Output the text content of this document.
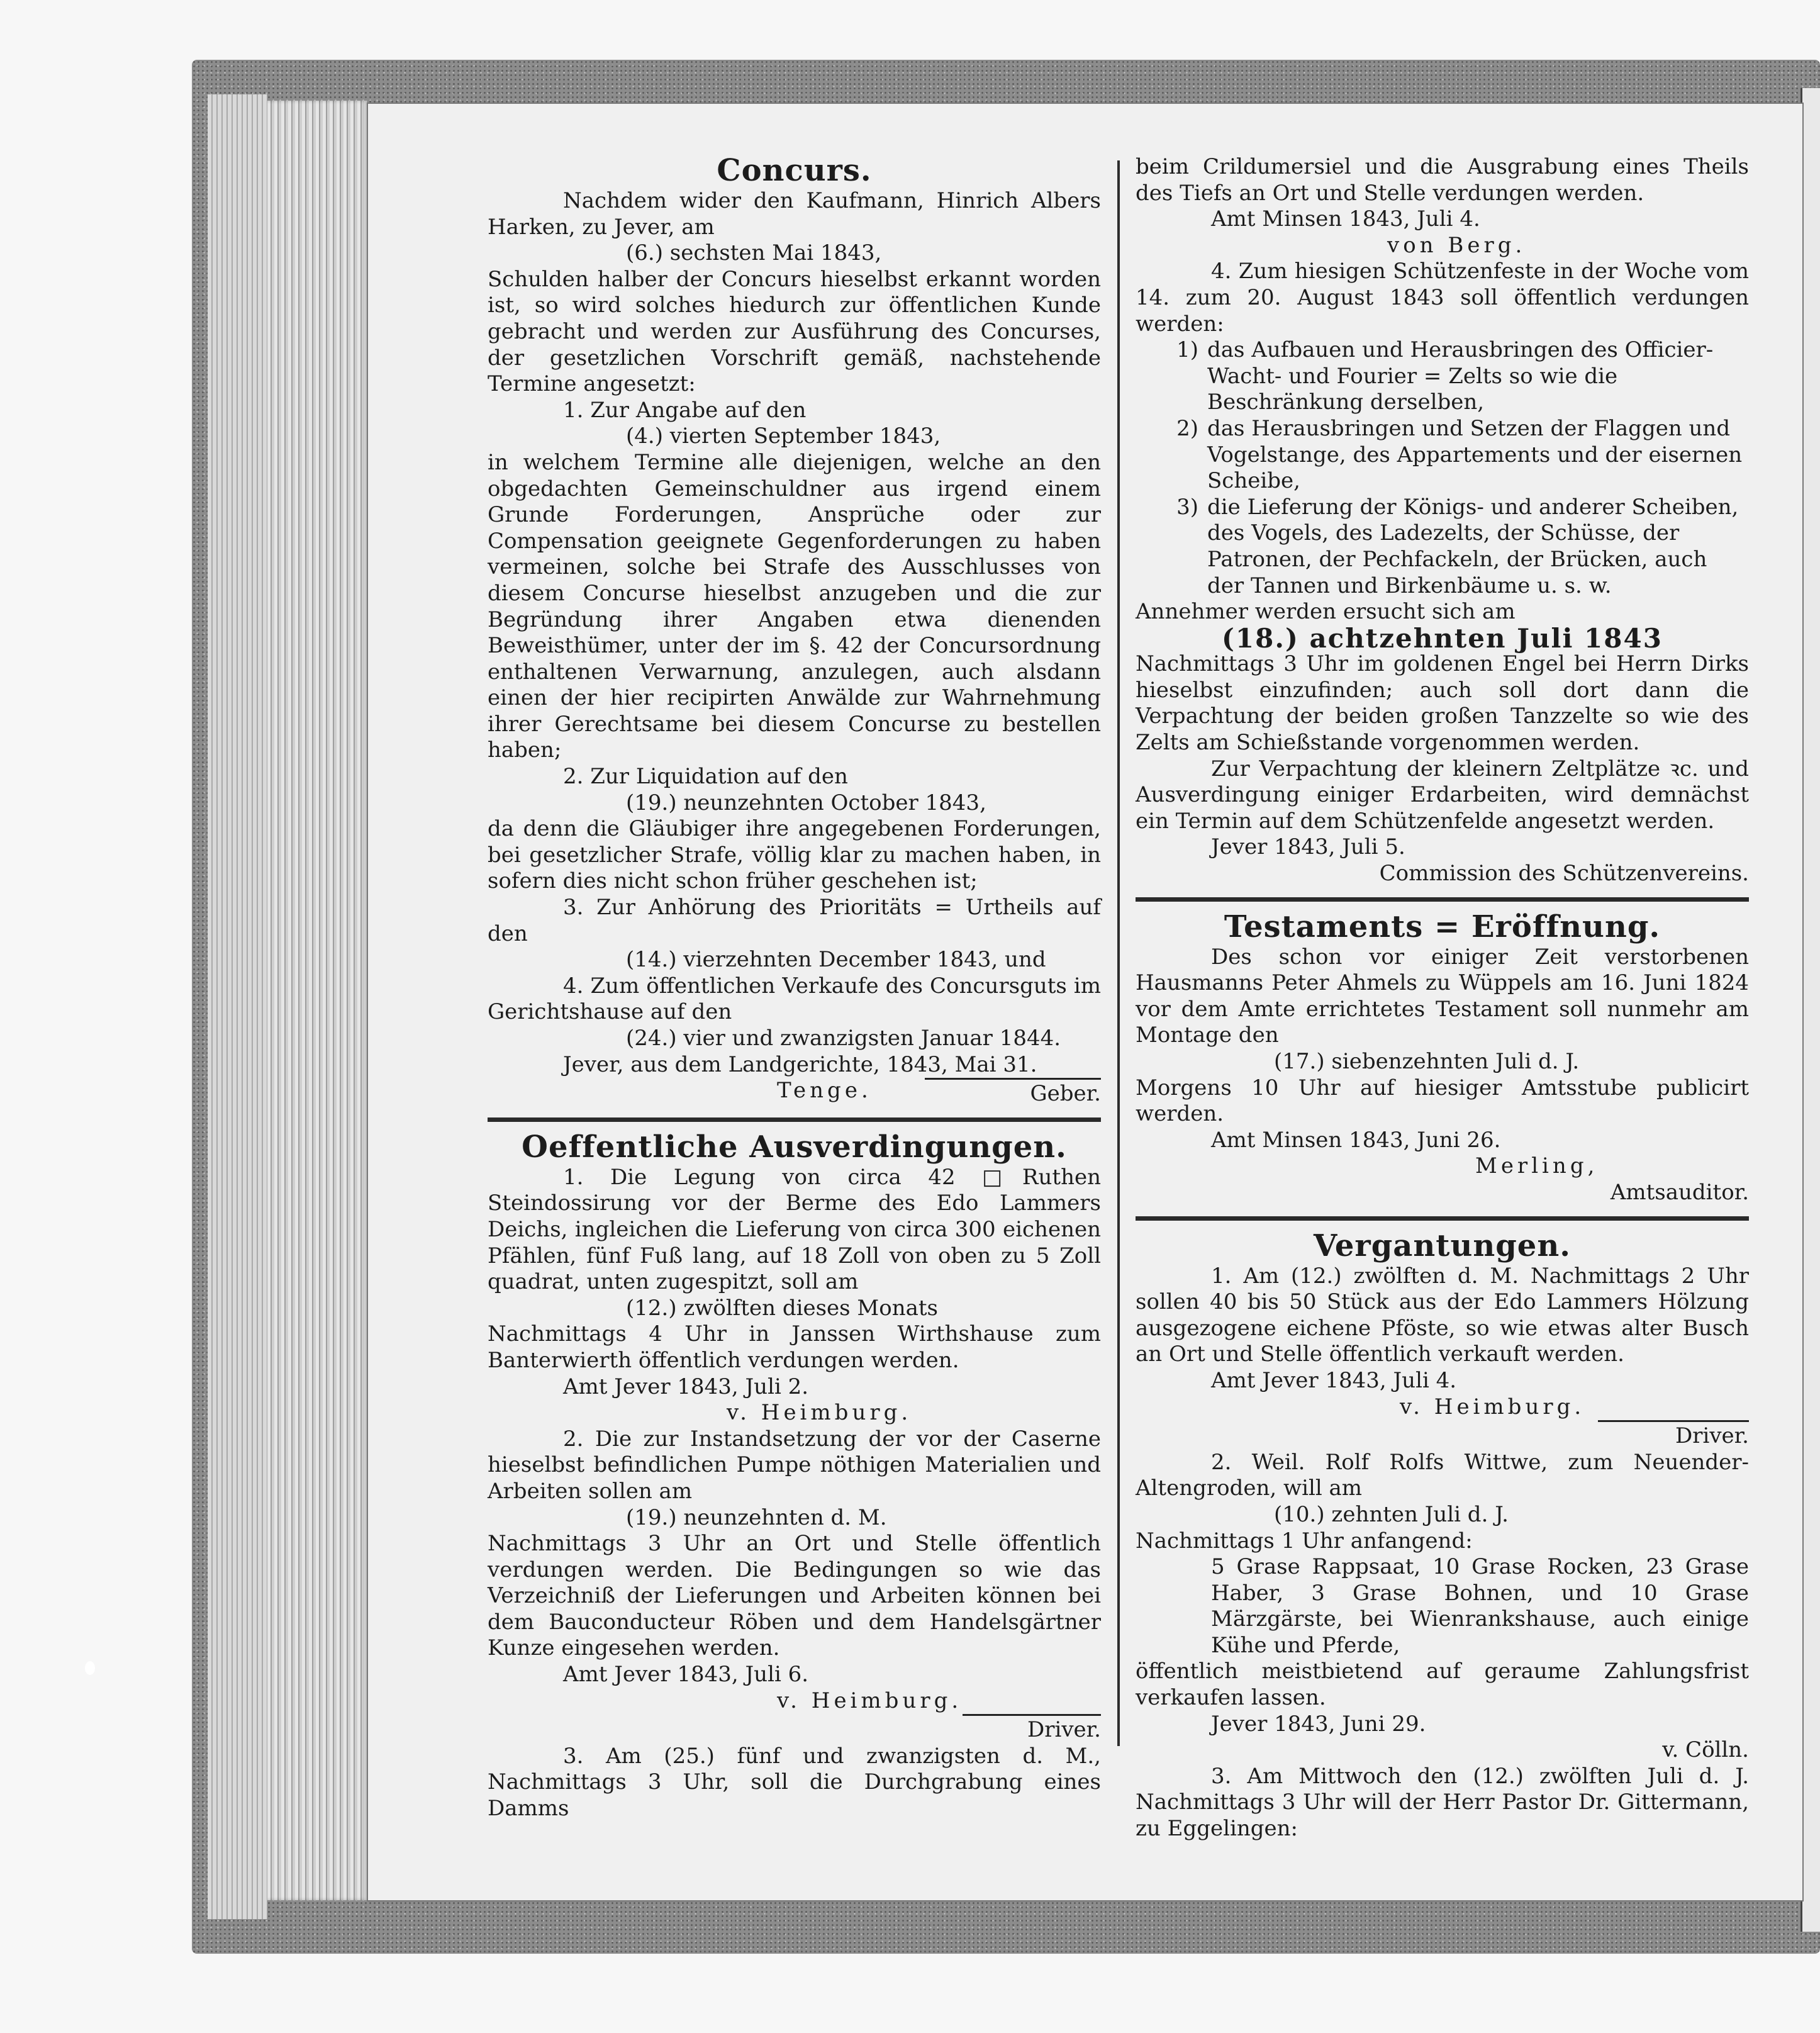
Concurs.

Nachdem wider den Kaufmann, Hinrich Albers Harken, zu Jever, am

(6.) sechsten Mai 1843,

Schulden halber der Concurs hieselbst erkannt worden ist, so wird solches hiedurch zur öffentlichen Kunde gebracht und werden zur Ausführung des Concurses, der gesetzlichen Vorschrift gemäß, nachstehende Termine angesetzt:

1. Zur Angabe auf den

(4.) vierten September 1843,

in welchem Termine alle diejenigen, welche an den obgedachten Gemeinschuldner aus irgend einem Grunde Forderungen, Ansprüche oder zur Compensation geeignete Gegenforderungen zu haben vermeinen, solche bei Strafe des Ausschlusses von diesem Concurse hieselbst anzugeben und die zur Begründung ihrer Angaben etwa dienenden Beweisthümer, unter der im §. 42 der Concursordnung enthaltenen Verwarnung, anzulegen, auch alsdann einen der hier recipirten Anwälde zur Wahrnehmung ihrer Gerechtsame bei diesem Concurse zu bestellen haben;

2. Zur Liquidation auf den

(19.) neunzehnten October 1843,

da denn die Gläubiger ihre angegebenen Forderungen, bei gesetzlicher Strafe, völlig klar zu machen haben, in sofern dies nicht schon früher geschehen ist;

3. Zur Anhörung des Prioritäts = Urtheils auf den

(14.) vierzehnten December 1843, und

4. Zum öffentlichen Verkaufe des Concursguts im Gerichtshause auf den

(24.) vier und zwanzigsten Januar 1844.

Jever, aus dem Landgerichte, 1843, Mai 31.

Tenge.	Geber.
Oeffentliche Ausverdingungen.

1. Die Legung von circa 42 □Ruthen Steindossirung vor der Berme des Edo Lammers Deichs, ingleichen die Lieferung von circa 300 eichenen Pfählen, fünf Fuß lang, auf 18 Zoll von oben zu 5 Zoll quadrat, unten zugespitzt, soll am

(12.) zwölften dieses Monats

Nachmittags 4 Uhr in Janssen Wirthshause zum Banterwierth öffentlich verdungen werden.

Amt Jever 1843, Juli 2.

v. Heimburg.

2. Die zur Instandsetzung der vor der Caserne hieselbst befindlichen Pumpe nöthigen Materialien und Arbeiten sollen am

(19.) neunzehnten d. M.

Nachmittags 3 Uhr an Ort und Stelle öffentlich verdungen werden. Die Bedingungen so wie das Verzeichniß der Lieferungen und Arbeiten können bei dem Bauconducteur Röben und dem Handelsgärtner Kunze eingesehen werden.

Amt Jever 1843, Juli 6.

v. Heimburg.

Driver.

3. Am (25.) fünf und zwanzigsten d. M., Nachmittags 3 Uhr, soll die Durchgrabung eines Damms

beim Crildumersiel und die Ausgrabung eines Theils des Tiefs an Ort und Stelle verdungen werden.

Amt Minsen 1843, Juli 4.

von Berg.

4. Zum hiesigen Schützenfeste in der Woche vom 14. zum 20. August 1843 soll öffentlich verdungen werden:

1) das Aufbauen und Herausbringen des Officier-Wacht- und Fourier = Zelts so wie die Beschränkung derselben,
2) das Herausbringen und Setzen der Flaggen und Vogelstange, des Appartements und der eisernen Scheibe,
3) die Lieferung der Königs- und anderer Scheiben, des Vogels, des Ladezelts, der Schüsse, der Patronen, der Pechfackeln, der Brücken, auch der Tannen und Birkenbäume u. s. w.

Annehmer werden ersucht sich am

(18.) achtzehnten Juli 1843

Nachmittags 3 Uhr im goldenen Engel bei Herrn Dirks hieselbst einzufinden; auch soll dort dann die Verpachtung der beiden großen Tanzzelte so wie des Zelts am Schießstande vorgenommen werden.

Zur Verpachtung der kleinern Zeltplätze ꝛc. und Ausverdingung einiger Erdarbeiten, wird demnächst ein Termin auf dem Schützenfelde angesetzt werden.

Jever 1843, Juli 5.

Commission des Schützenvereins.

Testaments = Eröffnung.

Des schon vor einiger Zeit verstorbenen Hausmanns Peter Ahmels zu Wüppels am 16. Juni 1824 vor dem Amte errichtetes Testament soll nunmehr am Montage den

(17.) siebenzehnten Juli d. J.

Morgens 10 Uhr auf hiesiger Amtsstube publicirt werden.

Amt Minsen 1843, Juni 26.

Merling,

Amtsauditor.

Vergantungen.

1. Am (12.) zwölften d. M. Nachmittags 2 Uhr sollen 40 bis 50 Stück aus der Edo Lammers Hölzung ausgezogene eichene Pföste, so wie etwas alter Busch an Ort und Stelle öffentlich verkauft werden.

Amt Jever 1843, Juli 4.

v. Heimburg.

Driver.

2. Weil. Rolf Rolfs Wittwe, zum Neuender-Altengroden, will am

(10.) zehnten Juli d. J.

Nachmittags 1 Uhr anfangend:

5 Grase Rappsaat, 10 Grase Rocken, 23 Grase Haber, 3 Grase Bohnen, und 10 Grase Märzgärste, bei Wienrankshause, auch einige Kühe und Pferde,

öffentlich meistbietend auf geraume Zahlungsfrist verkaufen lassen.

Jever 1843, Juni 29.

v. Cölln.

3. Am Mittwoch den (12.) zwölften Juli d. J. Nachmittags 3 Uhr will der Herr Pastor Dr. Gittermann, zu Eggelingen:
